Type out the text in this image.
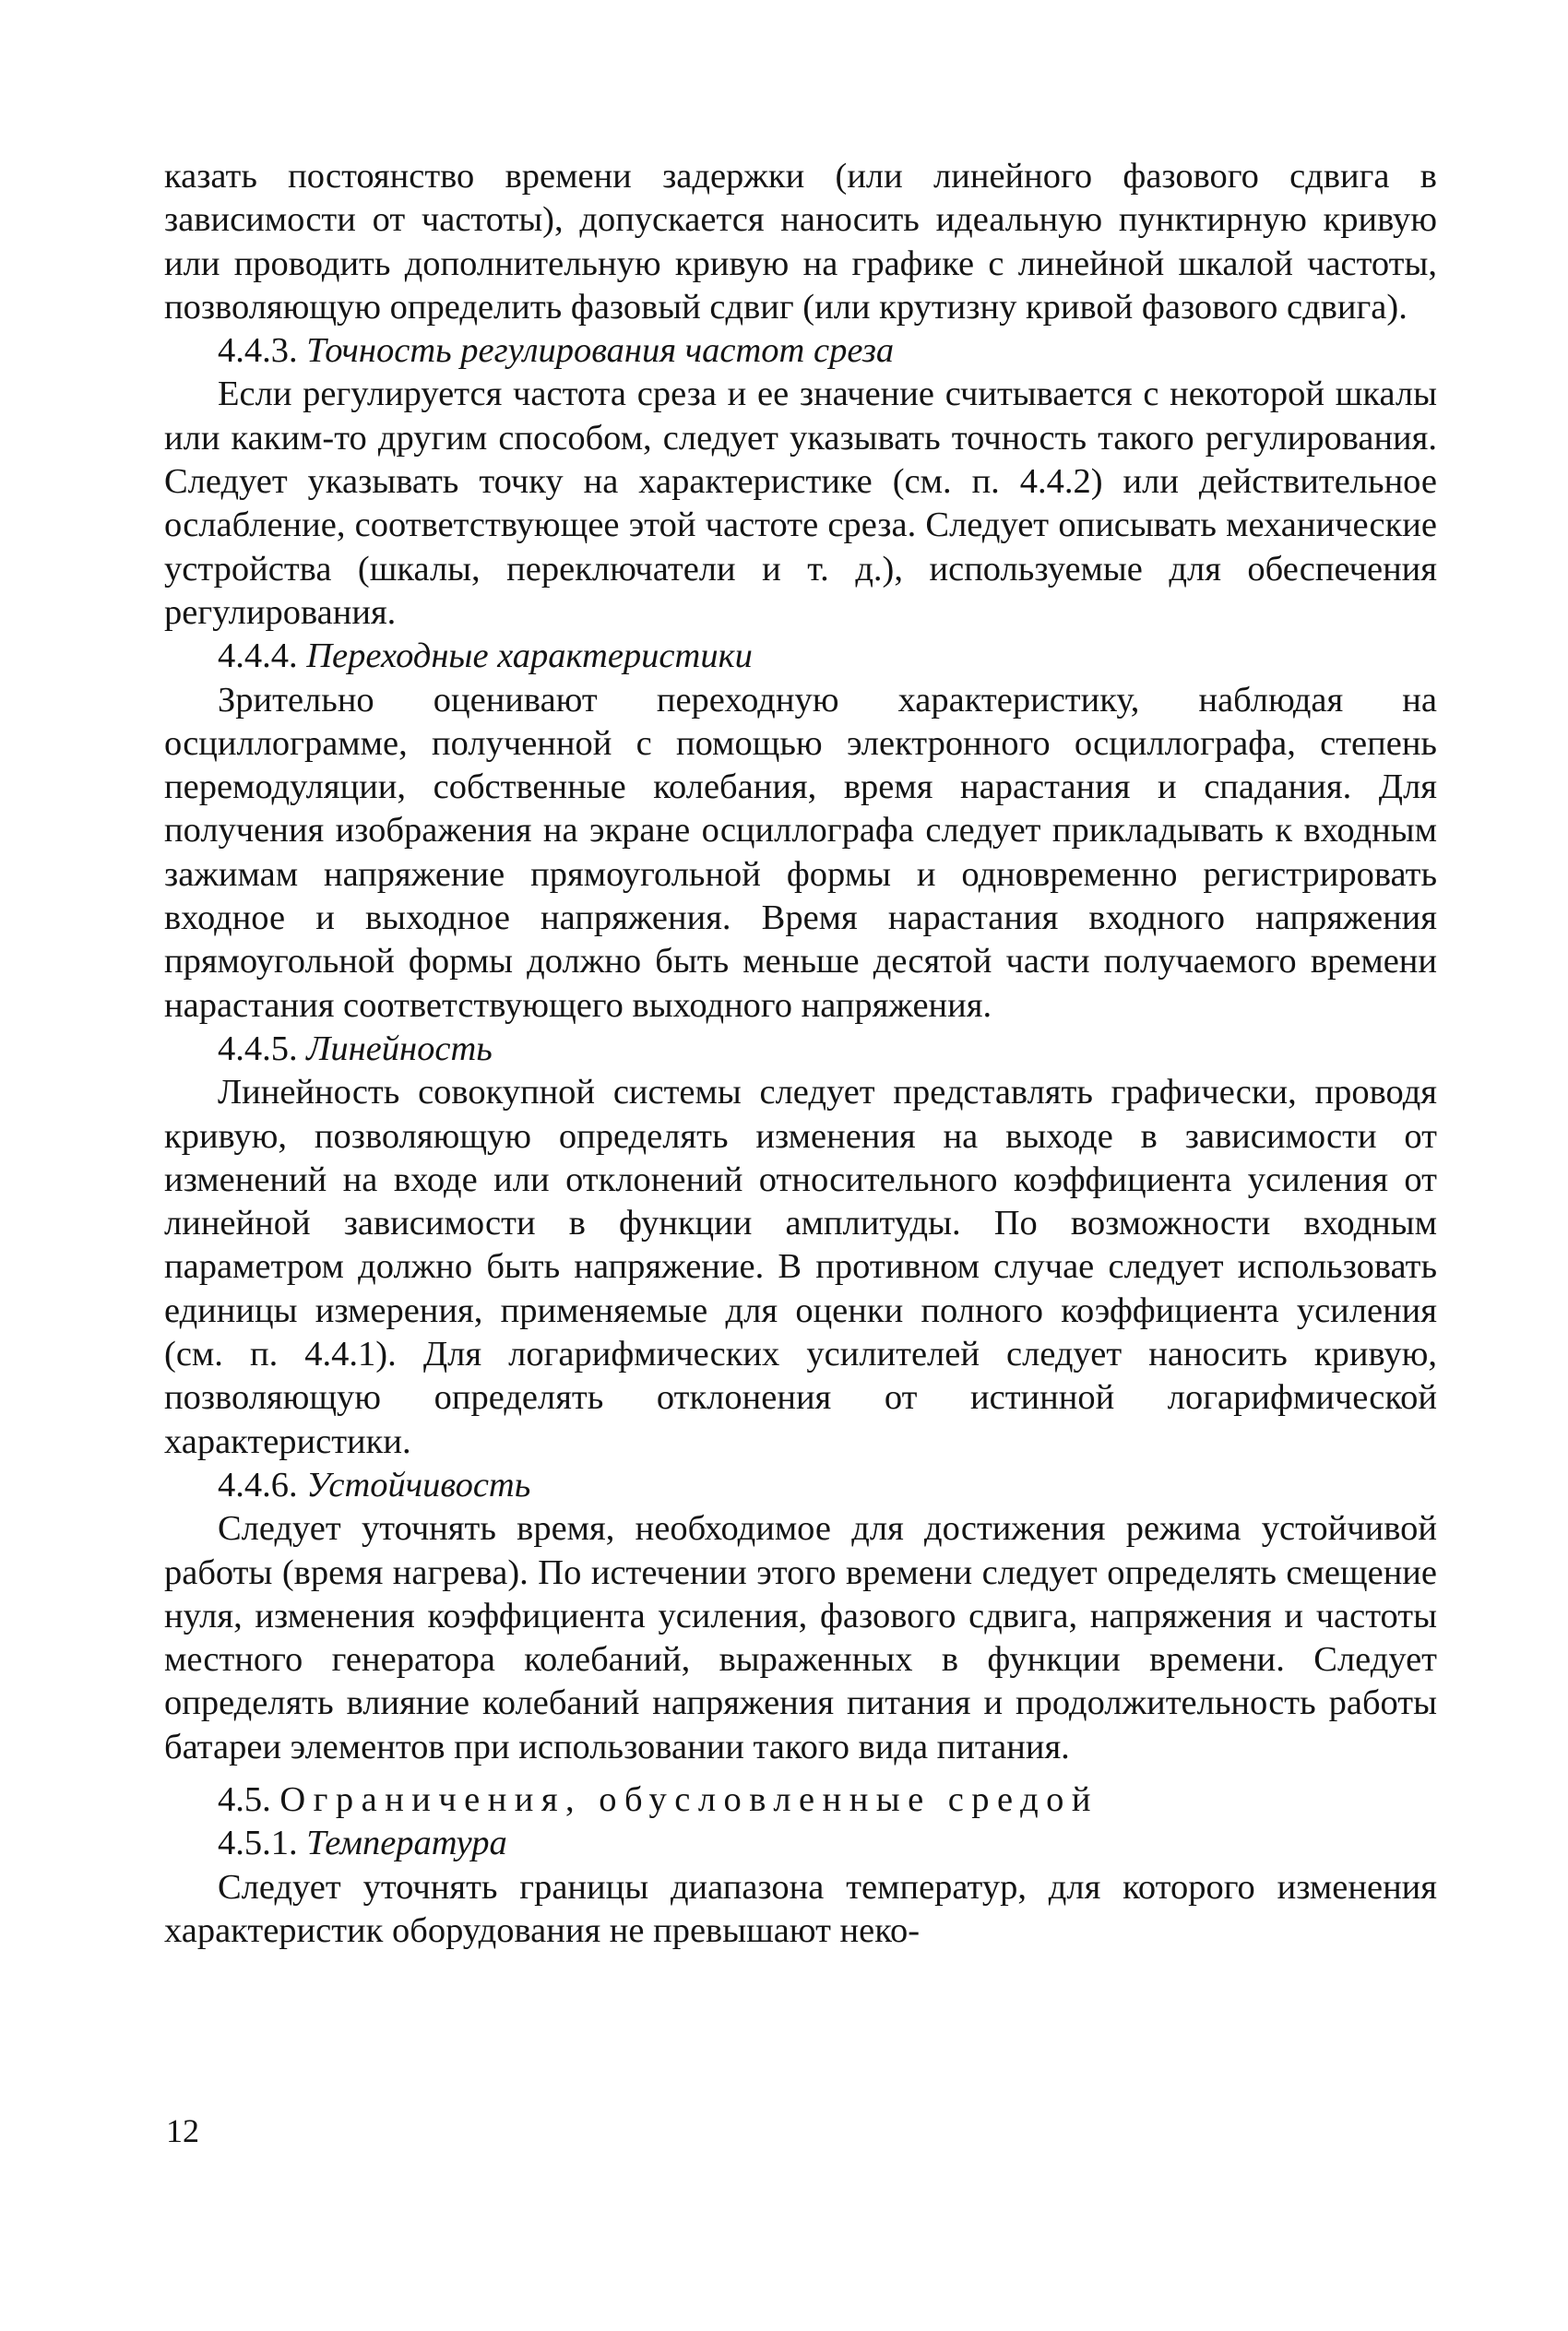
казать постоянство времени задержки (или линейного фазового сдвига в зависимости от частоты), допускается наносить идеальную пунктирную кривую или проводить дополнительную кривую на графике с линейной шкалой частоты, позволяющую определить фазовый сдвиг (или крутизну кривой фазового сдвига).

4.4.3. Точность регулирования частот среза

Если регулируется частота среза и ее значение считывается с некоторой шкалы или каким-то другим способом, следует указывать точность такого регулирования. Следует указывать точку на характеристике (см. п. 4.4.2) или действительное ослабление, соответствующее этой частоте среза. Следует описывать механические устройства (шкалы, переключатели и т. д.), используемые для обеспечения регулирования.

4.4.4. Переходные характеристики

Зрительно оценивают переходную характеристику, наблюдая на осциллограмме, полученной с помощью электронного осциллографа, степень перемодуляции, собственные колебания, время нарастания и спадания. Для получения изображения на экране осциллографа следует прикладывать к входным зажимам напряжение прямоугольной формы и одновременно регистрировать входное и выходное напряжения. Время нарастания входного напряжения прямоугольной формы должно быть меньше десятой части получаемого времени нарастания соответствующего выходного напряжения.

4.4.5. Линейность

Линейность совокупной системы следует представлять графически, проводя кривую, позволяющую определять изменения на выходе в зависимости от изменений на входе или отклонений относительного коэффициента усиления от линейной зависимости в функции амплитуды. По возможности входным параметром должно быть напряжение. В противном случае следует использовать единицы измерения, применяемые для оценки полного коэффициента усиления (см. п. 4.4.1). Для логарифмических усилителей следует наносить кривую, позволяющую определять отклонения от истинной логарифмической характеристики.

4.4.6. Устойчивость

Следует уточнять время, необходимое для достижения режима устойчивой работы (время нагрева). По истечении этого времени следует определять смещение нуля, изменения коэффициента усиления, фазового сдвига, напряжения и частоты местного генератора колебаний, выраженных в функции времени. Следует определять влияние колебаний напряжения питания и продолжительность работы батареи элементов при использовании такого вида питания.

4.5. Ограничения, обусловленные средой

4.5.1. Температура

Следует уточнять границы диапазона температур, для которого изменения характеристик оборудования не превышают неко-

12
